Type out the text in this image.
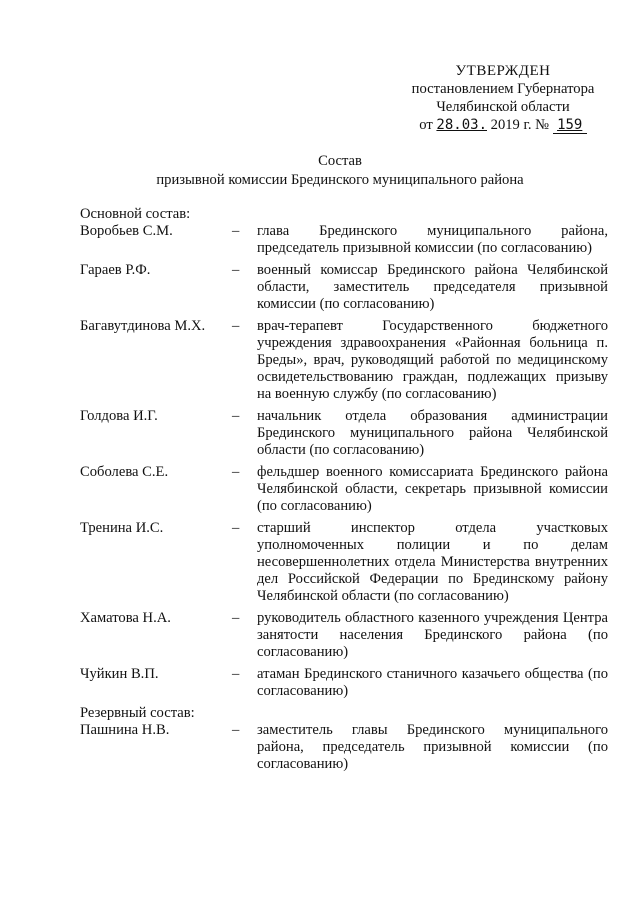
УТВЕРЖДЕН
постановлением Губернатора
Челябинской области
от 28.03. 2019 г. № 159
Состав
призывной комиссии Брединского муниципального района
Основной состав:
Воробьев С.М.	–	глава Брединского муниципального района, председатель призывной комиссии (по согласованию)
Гараев Р.Ф.	–	военный комиссар Брединского района Челябинской области, заместитель председателя призывной комиссии (по согласованию)
Багавутдинова М.Х.	–	врач-терапевт Государственного бюджетного учреждения здравоохранения «Районная больница п. Бреды», врач, руководящий работой по медицинскому освидетельствованию граждан, подлежащих призыву на военную службу (по согласованию)
Голдова И.Г.	–	начальник отдела образования администрации Брединского муниципального района Челябинской области (по согласованию)
Соболева С.Е.	–	фельдшер военного комиссариата Брединского района Челябинской области, секретарь призывной комиссии (по согласованию)
Тренина И.С.	–	старший инспектор отдела участковых уполномоченных полиции и по делам несовершеннолетних отдела Министерства внутренних дел Российской Федерации по Брединскому району Челябинской области (по согласованию)
Хаматова Н.А.	–	руководитель областного казенного учреждения Центра занятости населения Брединского района (по согласованию)
Чуйкин В.П.	–	атаман Брединского станичного казачьего общества (по согласованию)
Резервный состав:
Пашнина Н.В.	–	заместитель главы Брединского муниципального района, председатель призывной комиссии (по согласованию)
